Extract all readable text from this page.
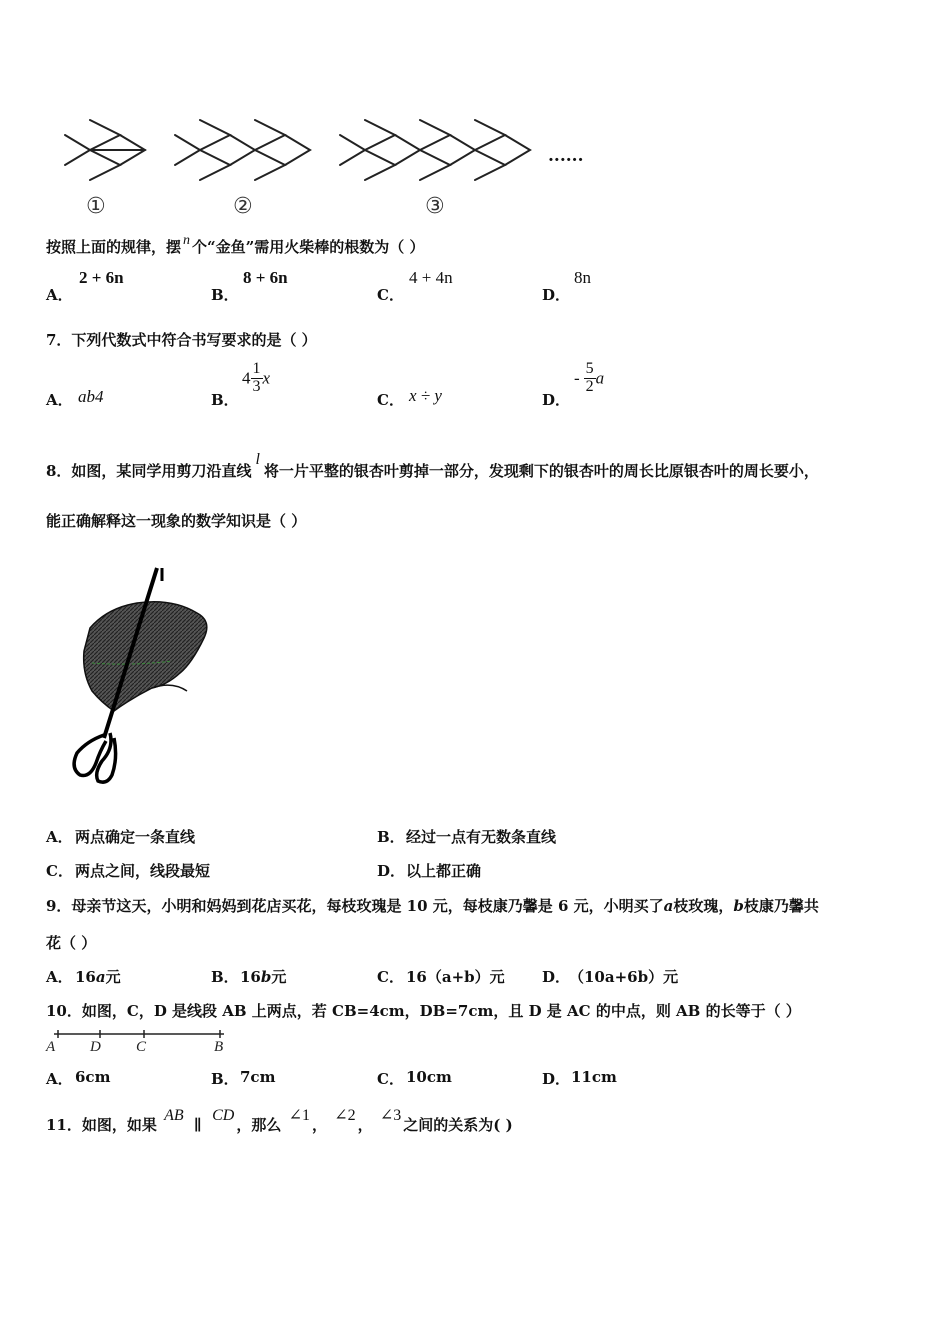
......
①	②	③
按照上面的规律，摆 n 个“金鱼”需用火柴棒的根数为（ ）
A．
2 + 6n
B．
8 + 6n
C．
4 + 4n
D．
8n
7．下列代数式中符合书写要求的是（ ）
A． ab4	B．
$4 \frac{1}{3}$ x
C． x ÷ y	D．
- $\frac{5}{2}$ a
8．如图，某同学用剪刀沿直线l将一片平整的银杏叶剪掉一部分，发现剩下的银杏叶的周长比原银杏叶的周长要小，
能正确解释这一现象的数学知识是（ ）
A． 两点确定一条直线	B． 经过一点有无数条直线
C． 两点之间，线段最短	D． 以上都正确
9．母亲节这天，小明和妈妈到花店买花，每枝玫瑰是 10 元，每枝康乃馨是 6 元，小明买了a枝玫瑰，b枝康乃馨共
花（ ）
A． 16a元	B． 16b元	C． 16（a+b）元 D．
（10a+6b）元
10．如图，C，D 是线段 AB 上两点，若 CB=4cm，DB=7cm，且 D 是 AC 的中点，则 AB 的长等于（ ）
A D C	B
A． 6cm	B． 7cm	C． 10cm	D． 11cm
11．如图，如果 AB ∥ CD，那么 ∠1， ∠2， ∠3之间的关系为( )
